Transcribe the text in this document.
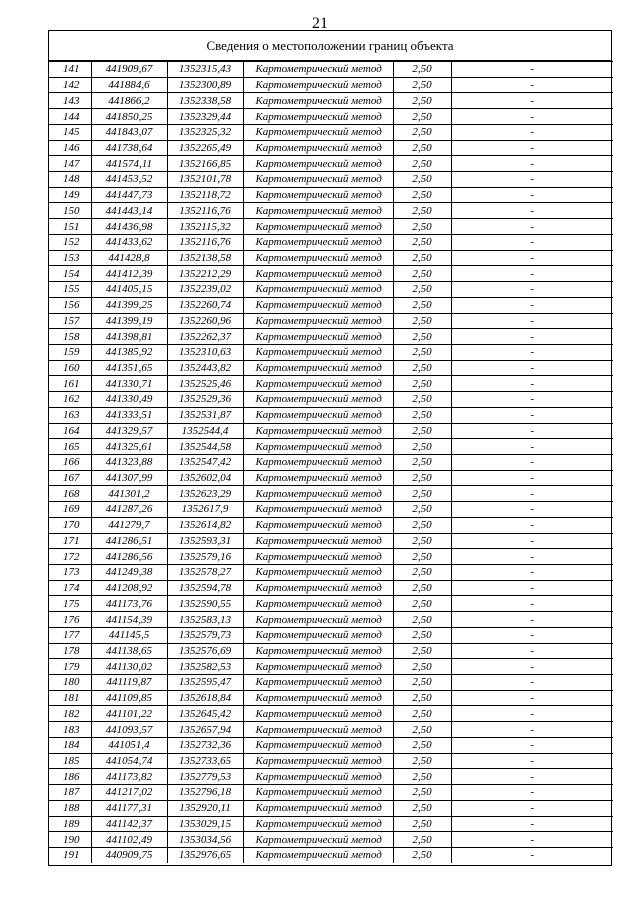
21
Сведения о местоположении границ объекта
141	441909,67	1352315,43	Картометрический метод	2,50	-
142	441884,6	1352300,89	Картометрический метод	2,50	-
143	441866,2	1352338,58	Картометрический метод	2,50	-
144	441850,25	1352329,44	Картометрический метод	2,50	-
145	441843,07	1352325,32	Картометрический метод	2,50	-
146	441738,64	1352265,49	Картометрический метод	2,50	-
147	441574,11	1352166,85	Картометрический метод	2,50	-
148	441453,52	1352101,78	Картометрический метод	2,50	-
149	441447,73	1352118,72	Картометрический метод	2,50	-
150	441443,14	1352116,76	Картометрический метод	2,50	-
151	441436,98	1352115,32	Картометрический метод	2,50	-
152	441433,62	1352116,76	Картометрический метод	2,50	-
153	441428,8	1352138,58	Картометрический метод	2,50	-
154	441412,39	1352212,29	Картометрический метод	2,50	-
155	441405,15	1352239,02	Картометрический метод	2,50	-
156	441399,25	1352260,74	Картометрический метод	2,50	-
157	441399,19	1352260,96	Картометрический метод	2,50	-
158	441398,81	1352262,37	Картометрический метод	2,50	-
159	441385,92	1352310,63	Картометрический метод	2,50	-
160	441351,65	1352443,82	Картометрический метод	2,50	-
161	441330,71	1352525,46	Картометрический метод	2,50	-
162	441330,49	1352529,36	Картометрический метод	2,50	-
163	441333,51	1352531,87	Картометрический метод	2,50	-
164	441329,57	1352544,4	Картометрический метод	2,50	-
165	441325,61	1352544,58	Картометрический метод	2,50	-
166	441323,88	1352547,42	Картометрический метод	2,50	-
167	441307,99	1352602,04	Картометрический метод	2,50	-
168	441301,2	1352623,29	Картометрический метод	2,50	-
169	441287,26	1352617,9	Картометрический метод	2,50	-
170	441279,7	1352614,82	Картометрический метод	2,50	-
171	441286,51	1352593,31	Картометрический метод	2,50	-
172	441286,56	1352579,16	Картометрический метод	2,50	-
173	441249,38	1352578,27	Картометрический метод	2,50	-
174	441208,92	1352594,78	Картометрический метод	2,50	-
175	441173,76	1352590,55	Картометрический метод	2,50	-
176	441154,39	1352583,13	Картометрический метод	2,50	-
177	441145,5	1352579,73	Картометрический метод	2,50	-
178	441138,65	1352576,69	Картометрический метод	2,50	-
179	441130,02	1352582,53	Картометрический метод	2,50	-
180	441119,87	1352595,47	Картометрический метод	2,50	-
181	441109,85	1352618,84	Картометрический метод	2,50	-
182	441101,22	1352645,42	Картометрический метод	2,50	-
183	441093,57	1352657,94	Картометрический метод	2,50	-
184	441051,4	1352732,36	Картометрический метод	2,50	-
185	441054,74	1352733,65	Картометрический метод	2,50	-
186	441173,82	1352779,53	Картометрический метод	2,50	-
187	441217,02	1352796,18	Картометрический метод	2,50	-
188	441177,31	1352920,11	Картометрический метод	2,50	-
189	441142,37	1353029,15	Картометрический метод	2,50	-
190	441102,49	1353034,56	Картометрический метод	2,50	-
191	440909,75	1352976,65	Картометрический метод	2,50	-
